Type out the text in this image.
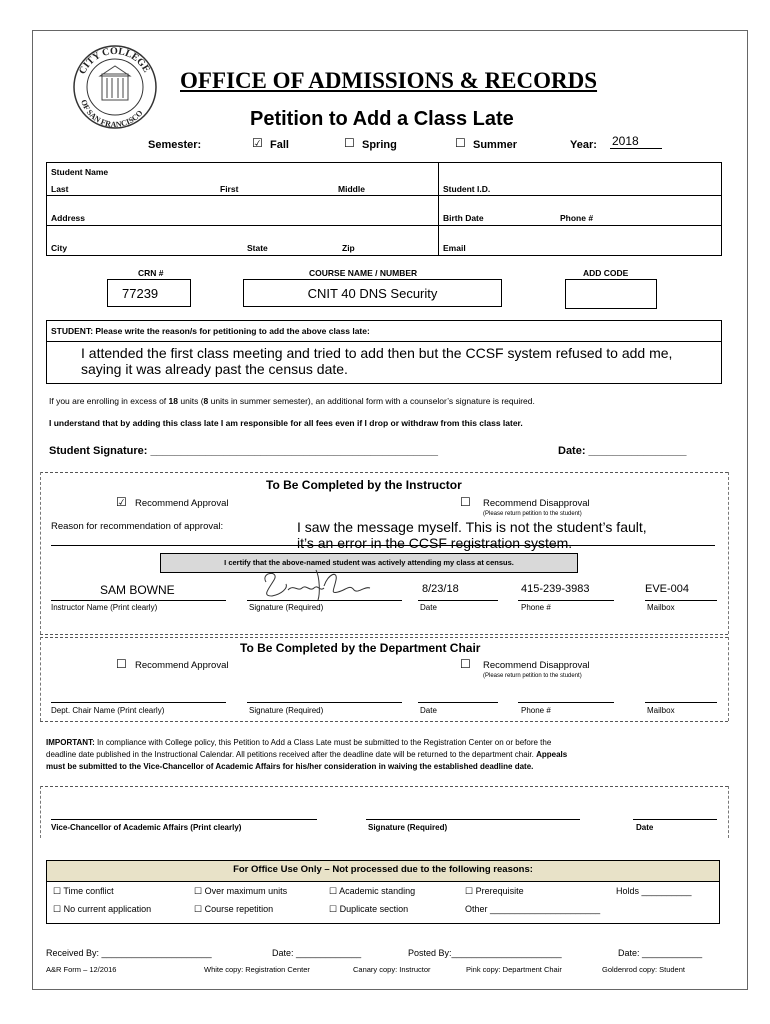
CITY COLLEGE
OF SAN FRANCISCO
OFFICE OF ADMISSIONS & RECORDS
Petition to Add a Class Late
Semester:	☑ Fall	☐ Spring	☐ Summer	Year: 2018
Student Name
Last	First	Middle	Student I.D.
Address	Birth Date	Phone #
City	State	Zip	Email
CRN #
77239
COURSE NAME / NUMBER
CNIT 40 DNS Security
ADD CODE
STUDENT: Please write the reason/s for petitioning to add the above class late:
I attended the first class meeting and tried to add then but the CCSF system refused to add me,
saying it was already past the census date.
If you are enrolling in excess of 18 units (8 units in summer semester), an additional form with a counselor’s signature is required.
I understand that by adding this class late I am responsible for all fees even if I drop or withdraw from this class later.
Student Signature: _______________________________________________	Date: ________________
To Be Completed by the Instructor
☑ Recommend Approval	☐ Recommend Disapproval
(Please return petition to the student)
Reason for recommendation of approval:	I saw the message myself. This is not the student’s fault,
it’s an error in the CCSF registration system.
I certify that the above-named student was actively attending my class at census.
SAM BOWNE
Sam Bowne
8/23/18	415-239-3983	EVE-004
Instructor Name (Print clearly)	Signature (Required)	Date	Phone #	Mailbox
To Be Completed by the Department Chair
☐ Recommend Approval	☐ Recommend Disapproval
(Please return petition to the student)
Dept. Chair Name (Print clearly)	Signature (Required)	Date	Phone #	Mailbox
IMPORTANT: In compliance with College policy, this Petition to Add a Class Late must be submitted to the Registration Center on or before the
deadline date published in the Instructional Calendar. All petitions received after the deadline date will be returned to the department chair. Appeals
must be submitted to the Vice-Chancellor of Academic Affairs for his/her consideration in waiving the established deadline date.
Vice-Chancellor of Academic Affairs (Print clearly)	Signature (Required)	Date
For Office Use Only – Not processed due to the following reasons:
☐ Time conflict	☐ Over maximum units	☐ Academic standing	☐ Prerequisite	Holds __________
☐ No current application	☐ Course repetition	☐ Duplicate section	Other ______________________
Received By: ______________________	Date: _____________	Posted By:______________________	Date: ____________
A&R Form – 12/2016	White copy: Registration Center	Canary copy: Instructor	Pink copy: Department Chair	Goldenrod copy: Student
